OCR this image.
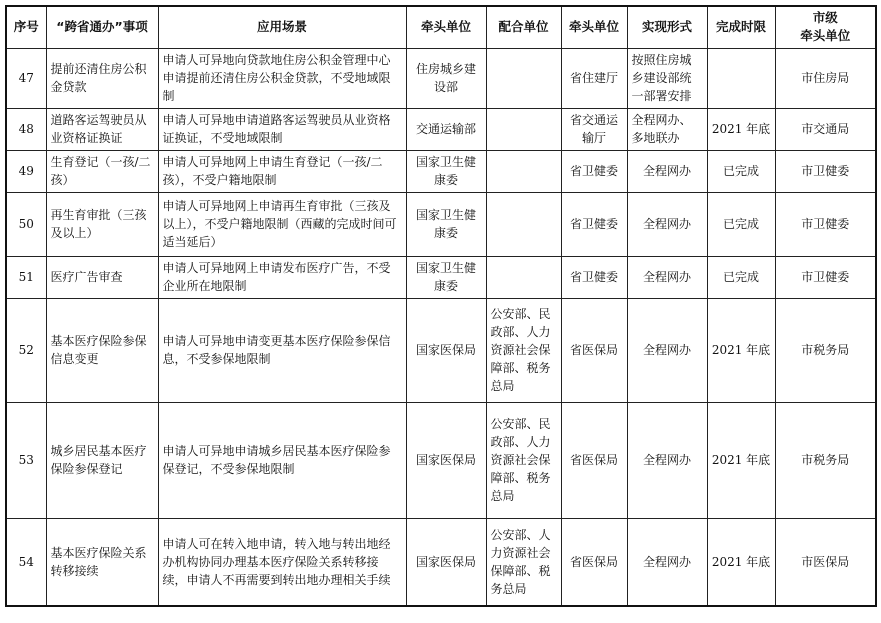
序号	“跨省通办”事项	应用场景	牵头单位	配合单位	牵头单位	实现形式	完成时限	市级
牵头单位

47	提前还清住房公积金贷款	申请人可异地向贷款地住房公积金管理中心申请提前还清住房公积金贷款，不受地域限制	住房城乡建设部		省住建厅	按照住房城乡建设部统一部署安排		市住房局
48	道路客运驾驶员从业资格证换证	申请人可异地申请道路客运驾驶员从业资格证换证，不受地域限制	交通运输部		省交通运输厅	全程网办、多地联办	2021 年底	市交通局
49	生育登记（一孩/二孩）	申请人可异地网上申请生育登记（一孩/二孩），不受户籍地限制	国家卫生健康委		省卫健委	全程网办	已完成	市卫健委
50	再生育审批（三孩及以上）	申请人可异地网上申请再生育审批（三孩及以上），不受户籍地限制（西藏的完成时间可适当延后）	国家卫生健康委		省卫健委	全程网办	已完成	市卫健委
51	医疗广告审查	申请人可异地网上申请发布医疗广告，不受企业所在地限制	国家卫生健康委		省卫健委	全程网办	已完成	市卫健委
52	基本医疗保险参保信息变更	申请人可异地申请变更基本医疗保险参保信息，不受参保地限制	国家医保局	公安部、民政部、人力资源社会保障部、税务总局	省医保局	全程网办	2021 年底	市税务局
53	城乡居民基本医疗保险参保登记	申请人可异地申请城乡居民基本医疗保险参保登记，不受参保地限制	国家医保局	公安部、民政部、人力资源社会保障部、税务总局	省医保局	全程网办	2021 年底	市税务局
54	基本医疗保险关系转移接续	申请人可在转入地申请，转入地与转出地经办机构协同办理基本医疗保险关系转移接续，申请人不再需要到转出地办理相关手续	国家医保局	公安部、人力资源社会保障部、税务总局	省医保局	全程网办	2021 年底	市医保局
